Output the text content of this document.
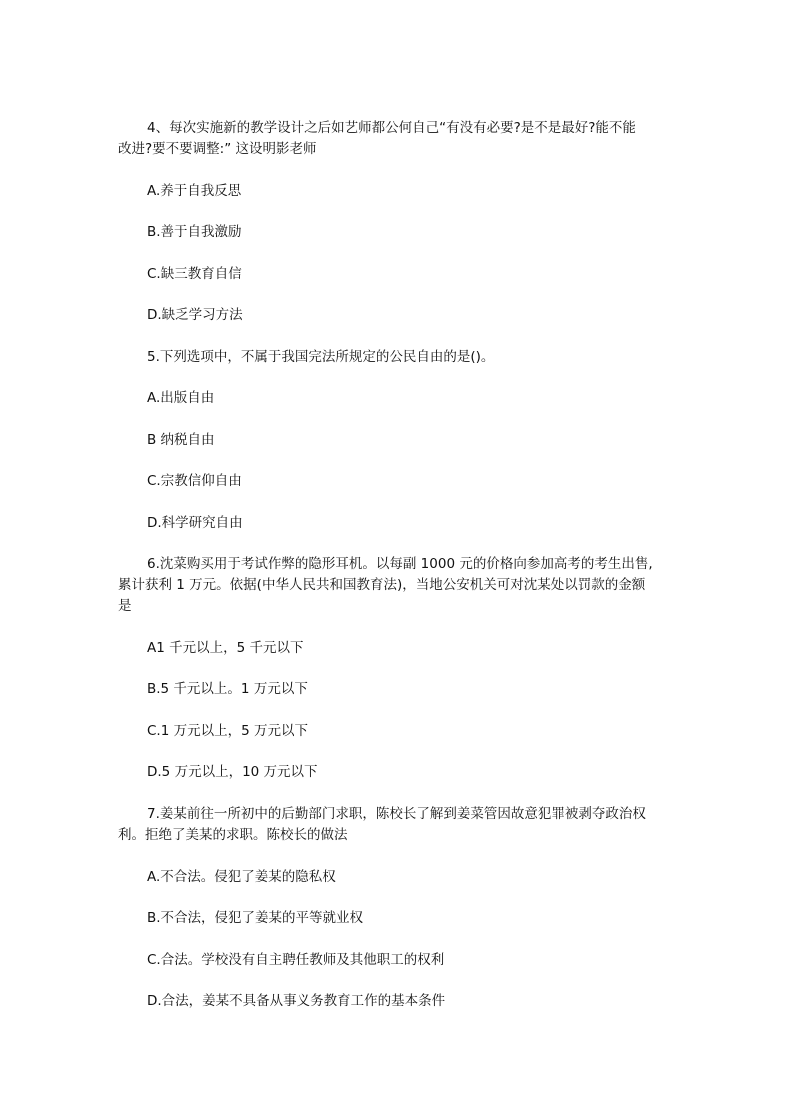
4、每次实施新的教学设计之后如艺师都公何自己“有没有必要?是不是最好?能不能
改进?要不要调整:” 这设明影老师
A.养于自我反思
B.善于自我激励
C.缺三教育自信
D.缺乏学习方法
5.下列选项中，不属于我国完法所规定的公民自由的是()。
A.出版自由
B 纳税自由
C.宗教信仰自由
D.科学研究自由
6.沈菜购买用于考试作弊的隐形耳机。以每副 1000 元的价格向参加高考的考生出售,
累计获利 1 万元。依据(中华人民共和国教育法)，当地公安机关可对沈某处以罚款的金额
是
A1 千元以上，5 千元以下
B.5 千元以上。1 万元以下
C.1 万元以上，5 万元以下
D.5 万元以上，10 万元以下
7.姜某前往一所初中的后勤部门求职，陈校长了解到姜菜管因故意犯罪被剥夺政治权
利。拒绝了美某的求职。陈校长的做法
A.不合法。侵犯了姜某的隐私权
B.不合法，侵犯了姜某的平等就业权
C.合法。学校没有自主聘任教师及其他职工的权利
D.合法，姜某不具备从事义务教育工作的基本条件
